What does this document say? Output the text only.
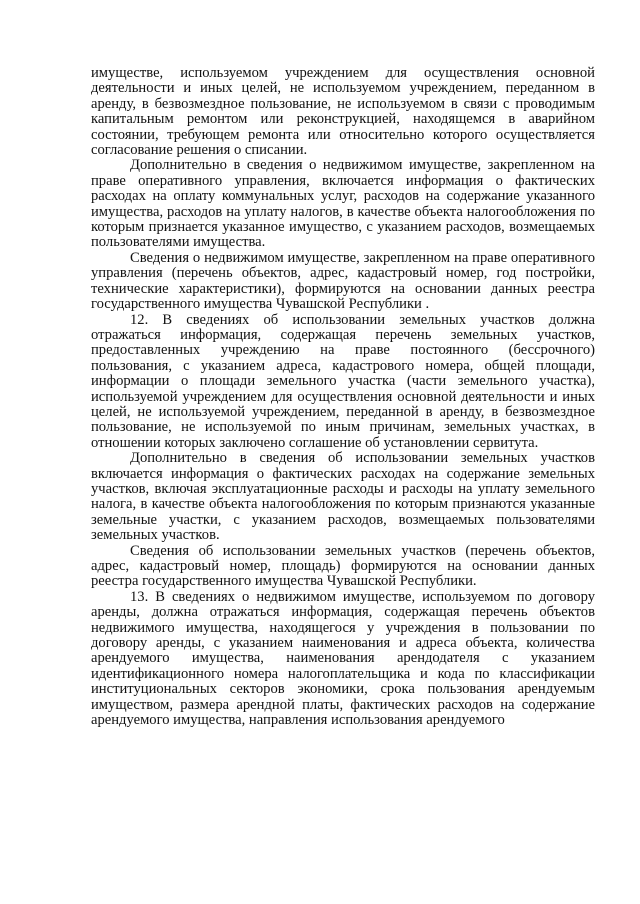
имуществе, используемом учреждением для осуществления основной деятельности и иных целей, не используемом учреждением, переданном в аренду, в безвозмездное пользование, не используемом в связи с проводимым капитальным ремонтом или реконструкцией, находящемся в аварийном состоянии, требующем ремонта или относительно которого осуществляется согласование решения о списании.

Дополнительно в сведения о недвижимом имуществе, закрепленном на праве оперативного управления, включается информация о фактических расходах на оплату коммунальных услуг, расходов на содержание указанного имущества, расходов на уплату налогов, в качестве объекта налогообложения по которым признается указанное имущество, с указанием расходов, возмещаемых пользователями имущества.

Сведения о недвижимом имуществе, закрепленном на праве оперативного управления (перечень объектов, адрес, кадастровый номер, год постройки, технические характеристики), формируются на основании данных реестра государственного имущества Чувашской Республики .

12. В сведениях об использовании земельных участков должна отражаться информация, содержащая перечень земельных участков, предоставленных учреждению на праве постоянного (бессрочного) пользования, с указанием адреса, кадастрового номера, общей площади, информации о площади земельного участка (части земельного участка), используемой учреждением для осуществления основной деятельности и иных целей, не используемой учреждением, переданной в аренду, в безвозмездное пользование, не используемой по иным причинам, земельных участках, в отношении которых заключено соглашение об установлении сервитута.

Дополнительно в сведения об использовании земельных участков включается информация о фактических расходах на содержание земельных участков, включая эксплуатационные расходы и расходы на уплату земельного налога, в качестве объекта налогообложения по которым признаются указанные земельные участки, с указанием расходов, возмещаемых пользователями земельных участков.

Сведения об использовании земельных участков (перечень объектов, адрес, кадастровый номер, площадь) формируются на основании данных реестра государственного имущества Чувашской Республики.

13. В сведениях о недвижимом имуществе, используемом по договору аренды, должна отражаться информация, содержащая перечень объектов недвижимого имущества, находящегося у учреждения в пользовании по договору аренды, с указанием наименования и адреса объекта, количества арендуемого имущества, наименования арендодателя с указанием идентификационного номера налогоплательщика и кода по классификации институциональных секторов экономики, срока пользования арендуемым имуществом, размера арендной платы, фактических расходов на содержание арендуемого имущества, направления использования арендуемого
